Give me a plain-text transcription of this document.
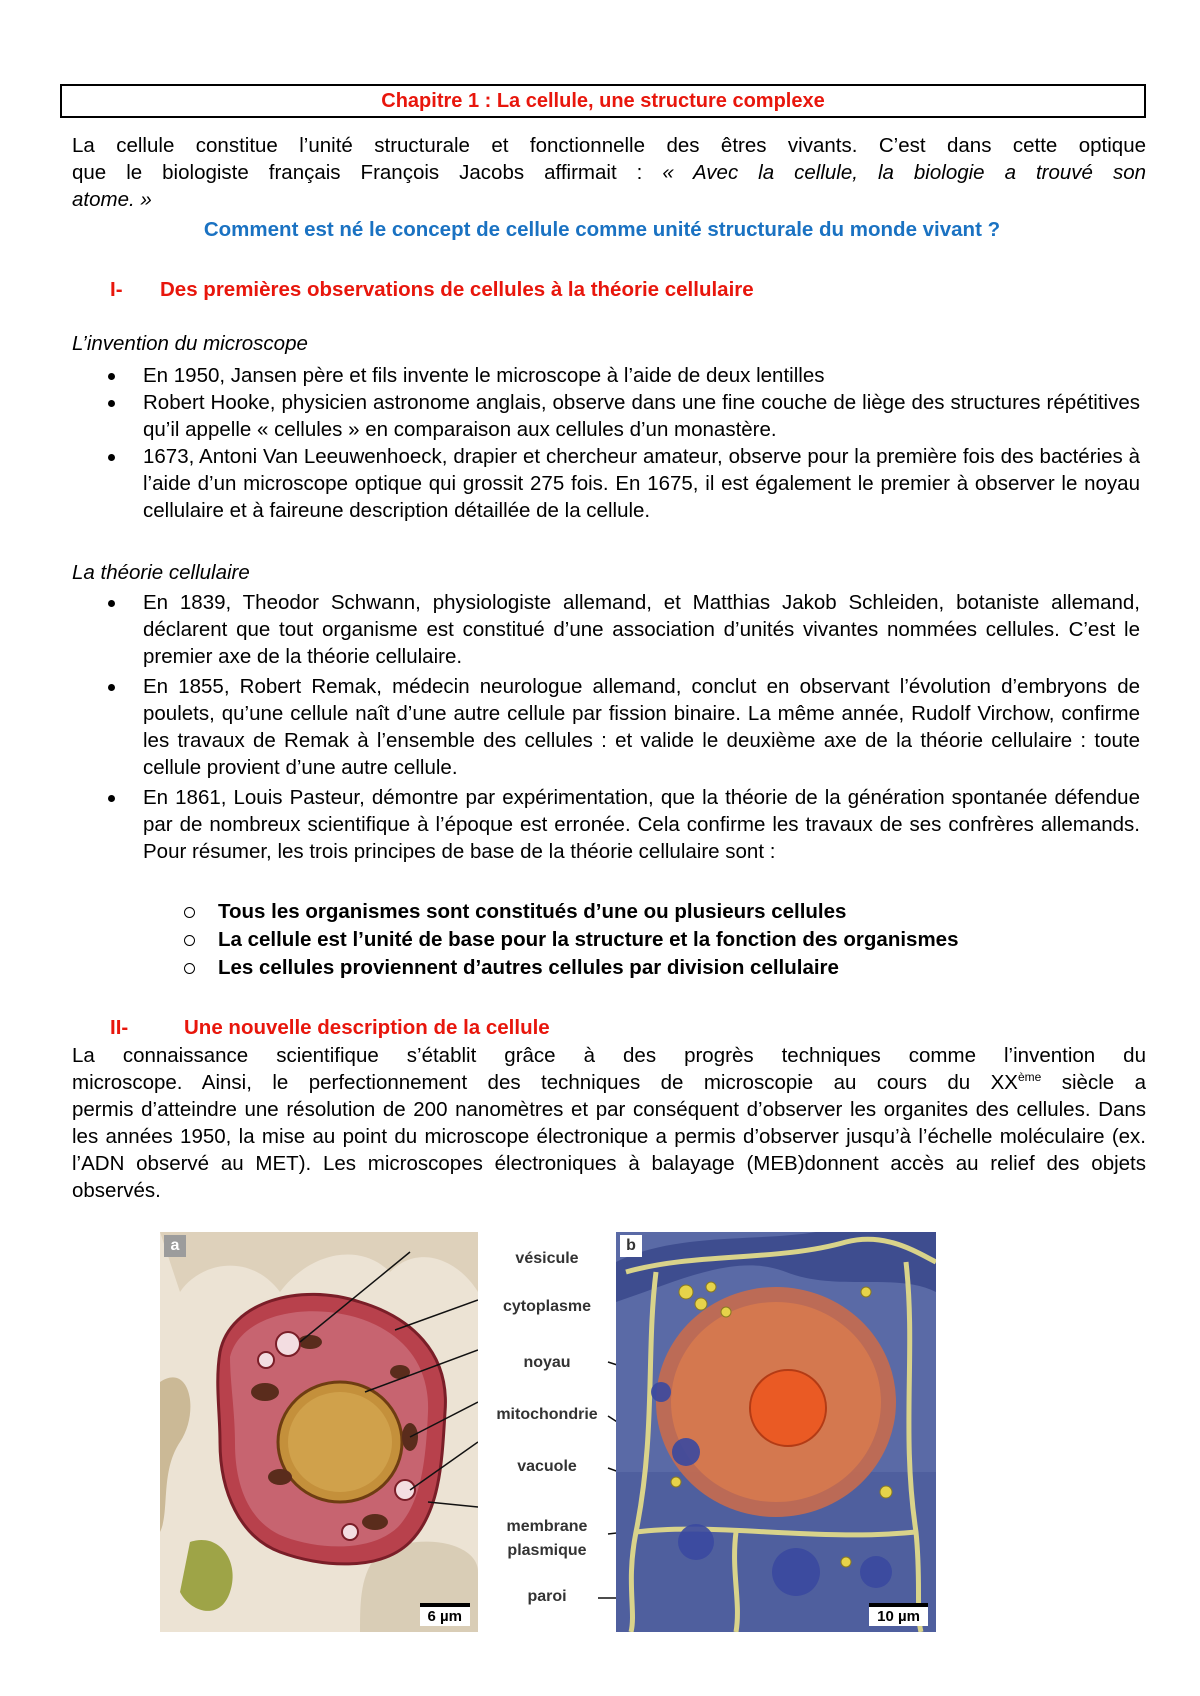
Chapitre 1 : La cellule, une structure complexe
La cellule constitue l’unité structurale et fonctionnelle des êtres vivants. C’est dans cette optique
que le biologiste français François Jacobs affirmait : « Avec la cellule, la biologie a trouvé son
atome. »
Comment est né le concept de cellule comme unité structurale du monde vivant ?
I- Des premières observations de cellules à la théorie cellulaire
L’invention du microscope
En 1950, Jansen père et fils invente le microscope à l’aide de deux lentilles
Robert Hooke, physicien astronome anglais, observe dans une fine couche de liège des structures répétitives qu’il appelle « cellules » en comparaison aux cellules d’un monastère.
1673, Antoni Van Leeuwenhoeck, drapier et chercheur amateur, observe pour la première fois des bactéries à l’aide d’un microscope optique qui grossit 275 fois. En 1675, il est également le premier à observer le noyau cellulaire et à faireune description détaillée de la cellule.
La théorie cellulaire
En 1839, Theodor Schwann, physiologiste allemand, et Matthias Jakob Schleiden, botaniste allemand, déclarent que tout organisme est constitué d’une association d’unités vivantes nommées cellules. C’est le premier axe de la théorie cellulaire.
En 1855, Robert Remak, médecin neurologue allemand, conclut en observant l’évolution d’embryons de poulets, qu’une cellule naît d’une autre cellule par fission binaire. La même année, Rudolf Virchow, confirme les travaux de Remak à l’ensemble des cellules : et valide le deuxième axe de la théorie cellulaire : toute cellule provient d’une autre cellule.
En 1861, Louis Pasteur, démontre par expérimentation, que la théorie de la génération spontanée défendue par de nombreux scientifique à l’époque est erronée. Cela confirme les travaux de ses confrères allemands. Pour résumer, les trois principes de base de la théorie cellulaire sont :
Tous les organismes sont constitués d’une ou plusieurs cellules
La cellule est l’unité de base pour la structure et la fonction des organismes
Les cellules proviennent d’autres cellules par division cellulaire
II-	Une nouvelle description de la cellule
La connaissance scientifique s’établit grâce à des progrès techniques comme l’invention du
microscope. Ainsi, le perfectionnement des techniques de microscopie au cours du XXème siècle a
permis d’atteindre une résolution de 200 nanomètres et par conséquent d’observer les organites des cellules. Dans les années 1950, la mise au point du microscope électronique a permis d’observer jusqu’à l’échelle moléculaire (ex. l’ADN observé au MET). Les microscopes électroniques à balayage (MEB)donnent accès au relief des objets observés.
a
6 µm
vésicule
cytoplasme
noyau
mitochondrie
vacuole
membrane
plasmique
paroi
b
10 µm
